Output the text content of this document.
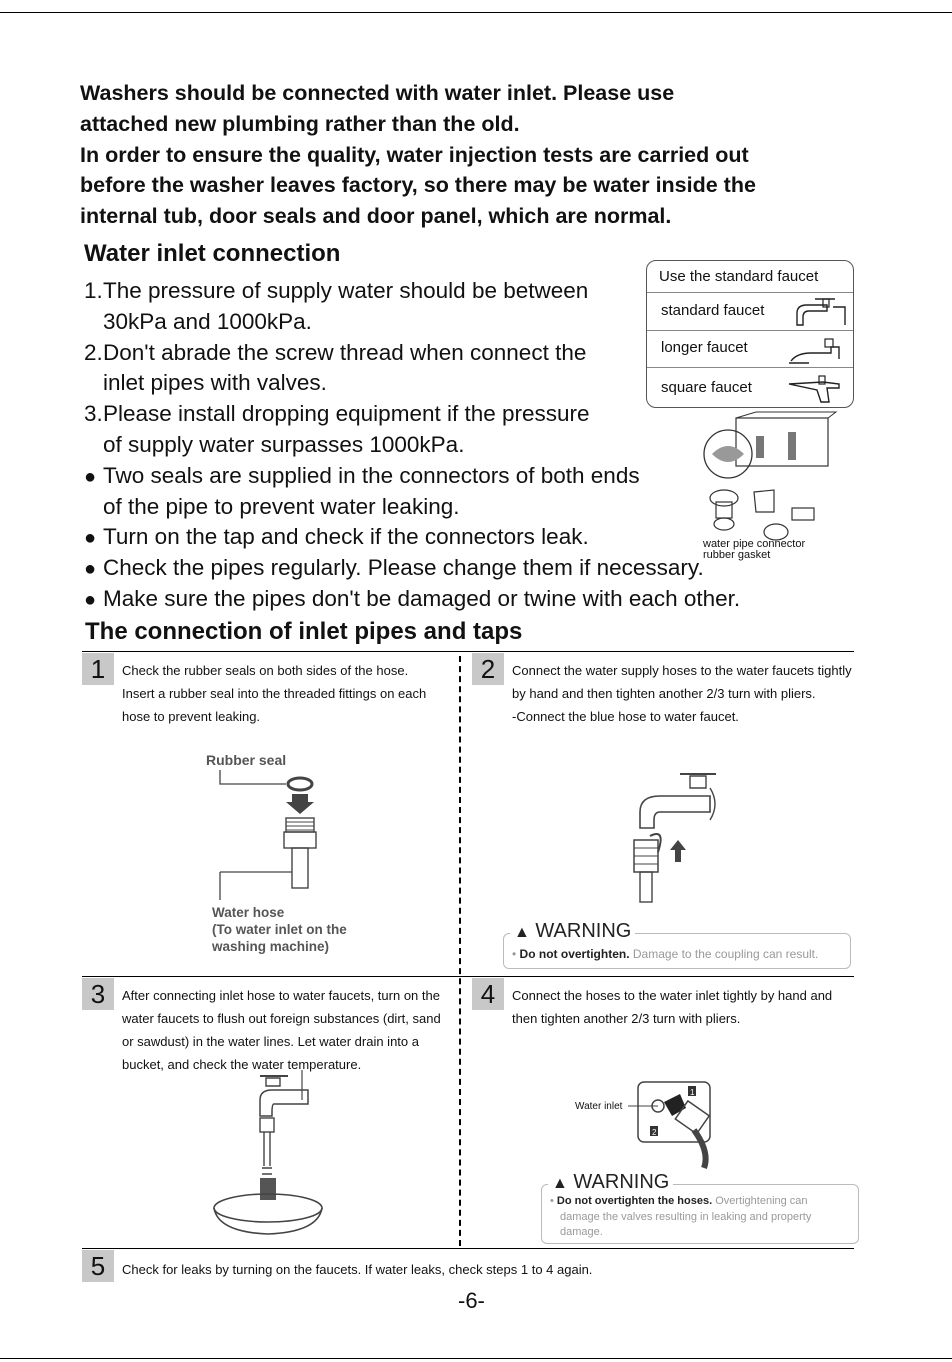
Washers should be connected with water inlet. Please use

attached new plumbing rather than the old.

In order to ensure the quality, water injection tests are carried out

before the washer leaves factory, so there may be water inside the

internal tub, door seals and door panel, which are normal.

Water inlet connection
1. The pressure of supply water should be between
30kPa and 1000kPa.
2. Don't abrade the screw thread when connect the
inlet pipes with valves.
3. Please install dropping equipment if the pressure
of supply water surpasses 1000kPa.
● Two seals are supplied in the connectors of both ends
of the pipe to prevent water leaking.
● Turn on the tap and check if the connectors leak.
● Check the pipes regularly. Please change them if necessary.
● Make sure the pipes don't be damaged or twine with each other.
Use the standard faucet
standard faucet
longer faucet
square faucet
water pipe connector
rubber gasket
The connection of inlet pipes and taps
1	Check the rubber seals on both sides of the hose.
Insert a rubber seal into the threaded fittings on each
hose to prevent leaking.
Rubber seal
Water hose
(To water inlet on the
washing machine)
2	Connect the water supply hoses to the water faucets tightly
by hand and then tighten another 2/3 turn with pliers.
-Connect the blue hose to water faucet.
▲ WARNING
• Do not overtighten. Damage to the coupling can result.
3	After connecting inlet hose to water faucets, turn on the
water faucets to flush out foreign substances (dirt, sand
or sawdust) in the water lines. Let water drain into a
bucket, and check the water temperature.
4	Connect the hoses to the water inlet tightly by hand and
then tighten another 2/3 turn with pliers.
Water inlet
1
2
▲ WARNING
• Do not overtighten the hoses. Overtightening can
damage the valves resulting in leaking and property
damage.
5	Check for leaks by turning on the faucets. If water leaks, check steps 1 to 4 again.
-6-
